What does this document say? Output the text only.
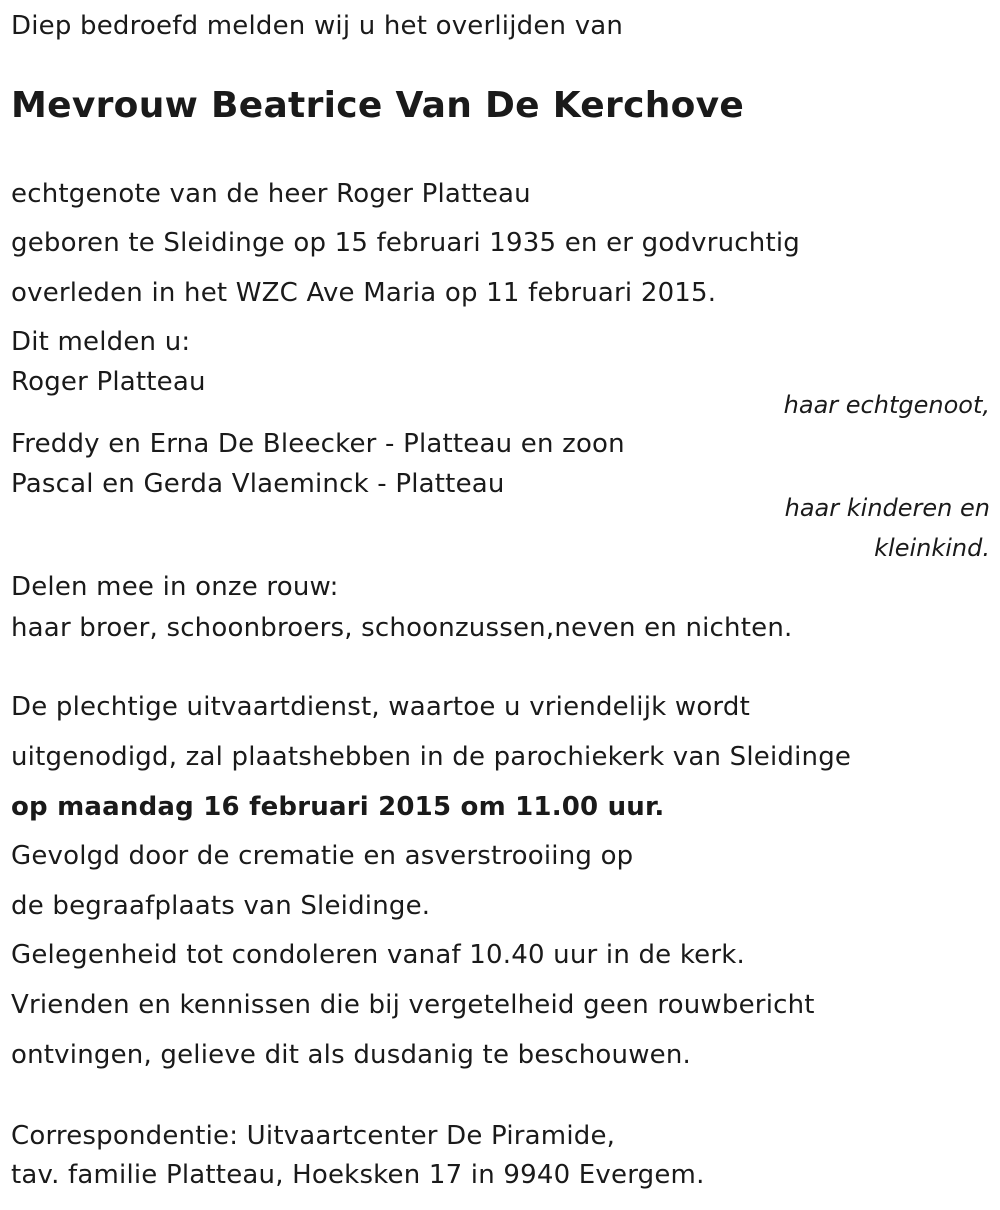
Diep bedroefd melden wij u het overlijden van
Mevrouw Beatrice Van De Kerchove
echtgenote van de heer Roger Platteau
geboren te Sleidinge op 15 februari 1935 en er godvruchtig
overleden in het WZC Ave Maria op 11 februari 2015.
Dit melden u:
Roger Platteau
haar echtgenoot,
Freddy en Erna De Bleecker - Platteau en zoon
Pascal en Gerda Vlaeminck - Platteau
haar kinderen en
kleinkind.
Delen mee in onze rouw:
haar broer, schoonbroers, schoonzussen,neven en nichten.
De plechtige uitvaartdienst, waartoe u vriendelijk wordt
uitgenodigd, zal plaatshebben in de parochiekerk van Sleidinge
op maandag 16 februari 2015 om 11.00 uur.
Gevolgd door de crematie en asverstrooiing op
de begraafplaats van Sleidinge.
Gelegenheid tot condoleren vanaf 10.40 uur in de kerk.
Vrienden en kennissen die bij vergetelheid geen rouwbericht
ontvingen, gelieve dit als dusdanig te beschouwen.
Correspondentie: Uitvaartcenter De Piramide,
tav. familie Platteau, Hoeksken 17 in 9940 Evergem.
